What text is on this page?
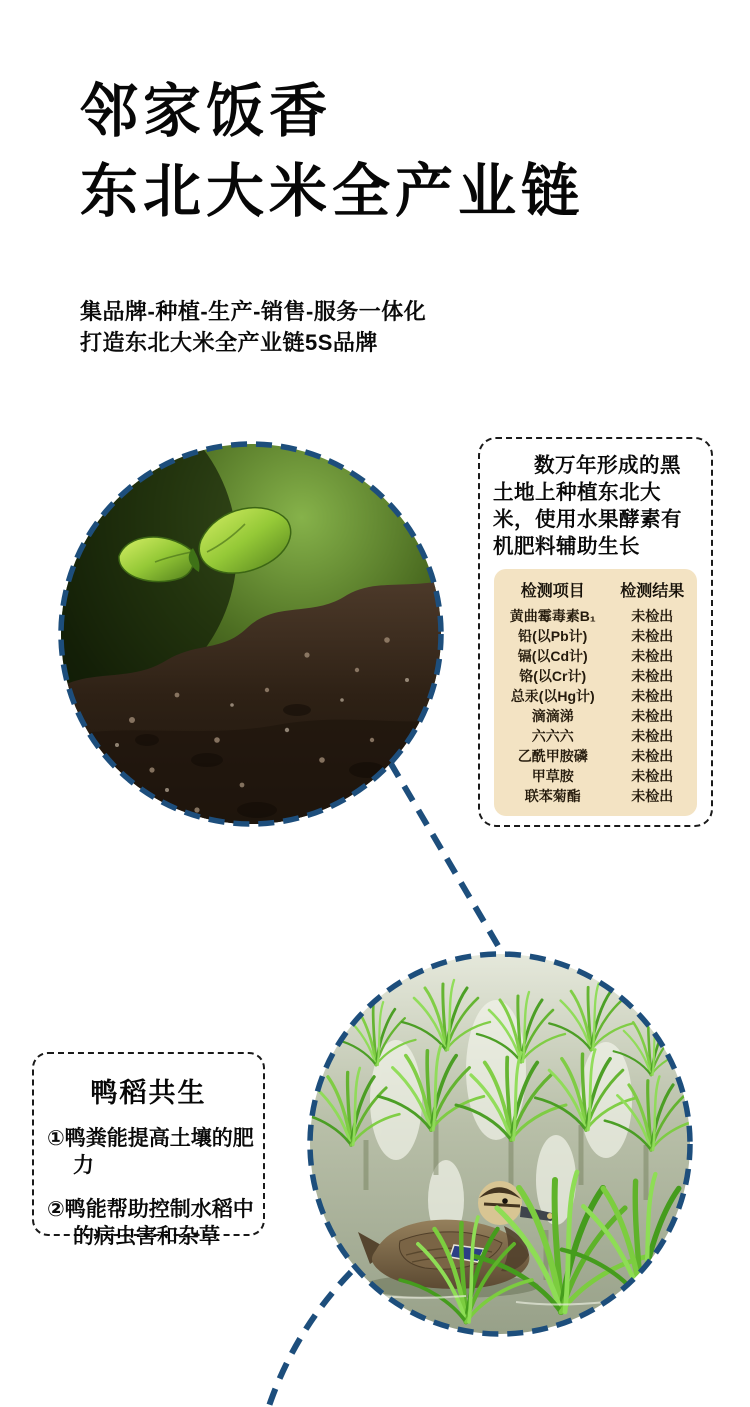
邻家饭香
东北大米全产业链
集品牌-种植-生产-销售-服务一体化
打造东北大米全产业链5S品牌

数万年形成的黑土地上种植东北大米，使用水果酵素有机肥料辅助生长

检测项目	检测结果
黄曲霉毒素B₁	未检出
铅(以Pb计)	未检出
镉(以Cd计)	未检出
铬(以Cr计)	未检出
总汞(以Hg计)	未检出
滴滴涕	未检出
六六六	未检出
乙酰甲胺磷	未检出
甲草胺	未检出
联苯菊酯	未检出
鸭稻共生
①鸭粪能提高土壤的肥力
②鸭能帮助控制水稻中的病虫害和杂草
